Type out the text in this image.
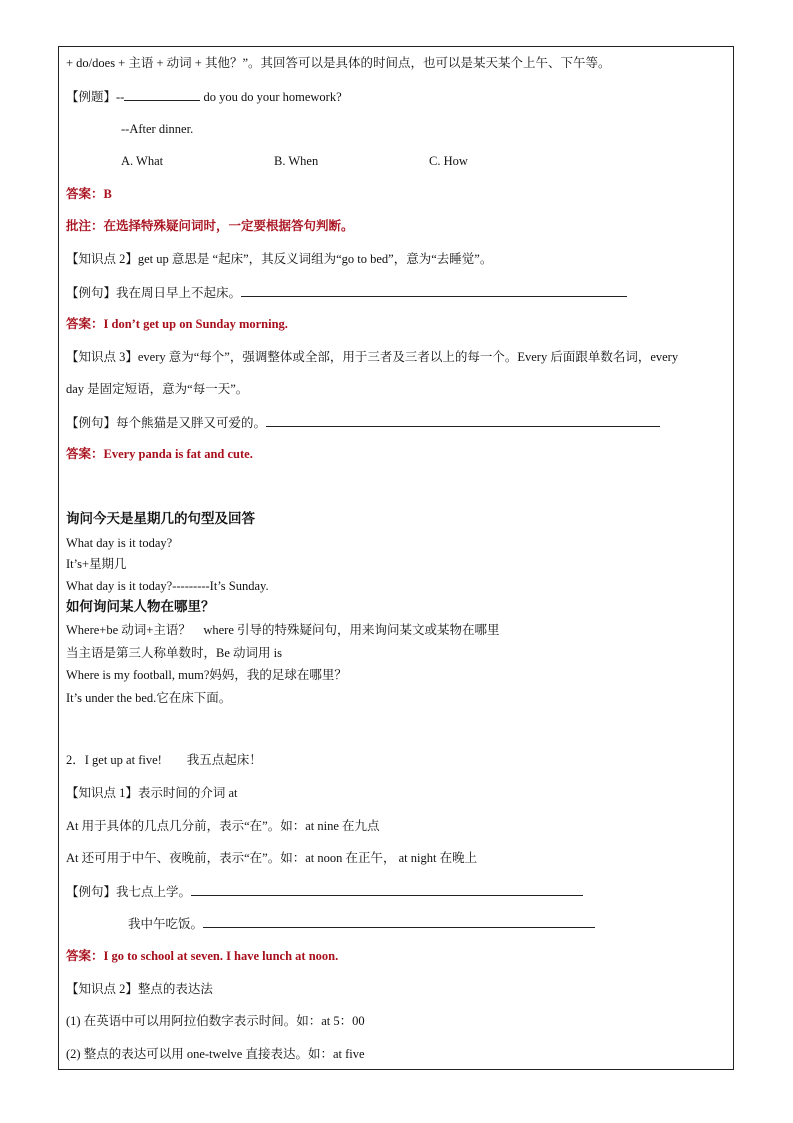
+ do/does + 主语 + 动词 + 其他？”。其回答可以是具体的时间点，也可以是某天某个上午、下午等。
【例题】--	do you do your homework?
--After dinner.
A. What	B. When	C. How
答案：B
批注：在选择特殊疑问词时，一定要根据答句判断。
【知识点 2】get up 意思是 “起床”，其反义词组为“go to bed”，意为“去睡觉”。
【例句】我在周日早上不起床。
答案：I don’t get up on Sunday morning.
【知识点 3】every 意为“每个”，强调整体或全部，用于三者及三者以上的每一个。Every 后面跟单数名词，every
day 是固定短语，意为“每一天”。
【例句】每个熊猫是又胖又可爱的。
答案：Every panda is fat and cute.
询问今天是星期几的句型及回答
What day is it today?
It’s+星期几
What day is it today?---------It’s Sunday.
如何询问某人物在哪里？
Where+be 动词+主语？　where 引导的特殊疑问句，用来询问某文或某物在哪里
当主语是第三人称单数时，Be 动词用 is
Where is my football, mum?妈妈，我的足球在哪里？
It’s under the bed.它在床下面。
2．I get up at five!　　我五点起床！
【知识点 1】表示时间的介词 at
At 用于具体的几点几分前，表示“在”。如：at nine 在九点
At 还可用于中午、夜晚前，表示“在”。如：at noon 在正午， at night 在晚上
【例句】我七点上学。
我中午吃饭。
答案：I go to school at seven. I have lunch at noon.
【知识点 2】整点的表达法
(1) 在英语中可以用阿拉伯数字表示时间。如：at 5：00
(2) 整点的表达可以用 one-twelve 直接表达。如：at five
